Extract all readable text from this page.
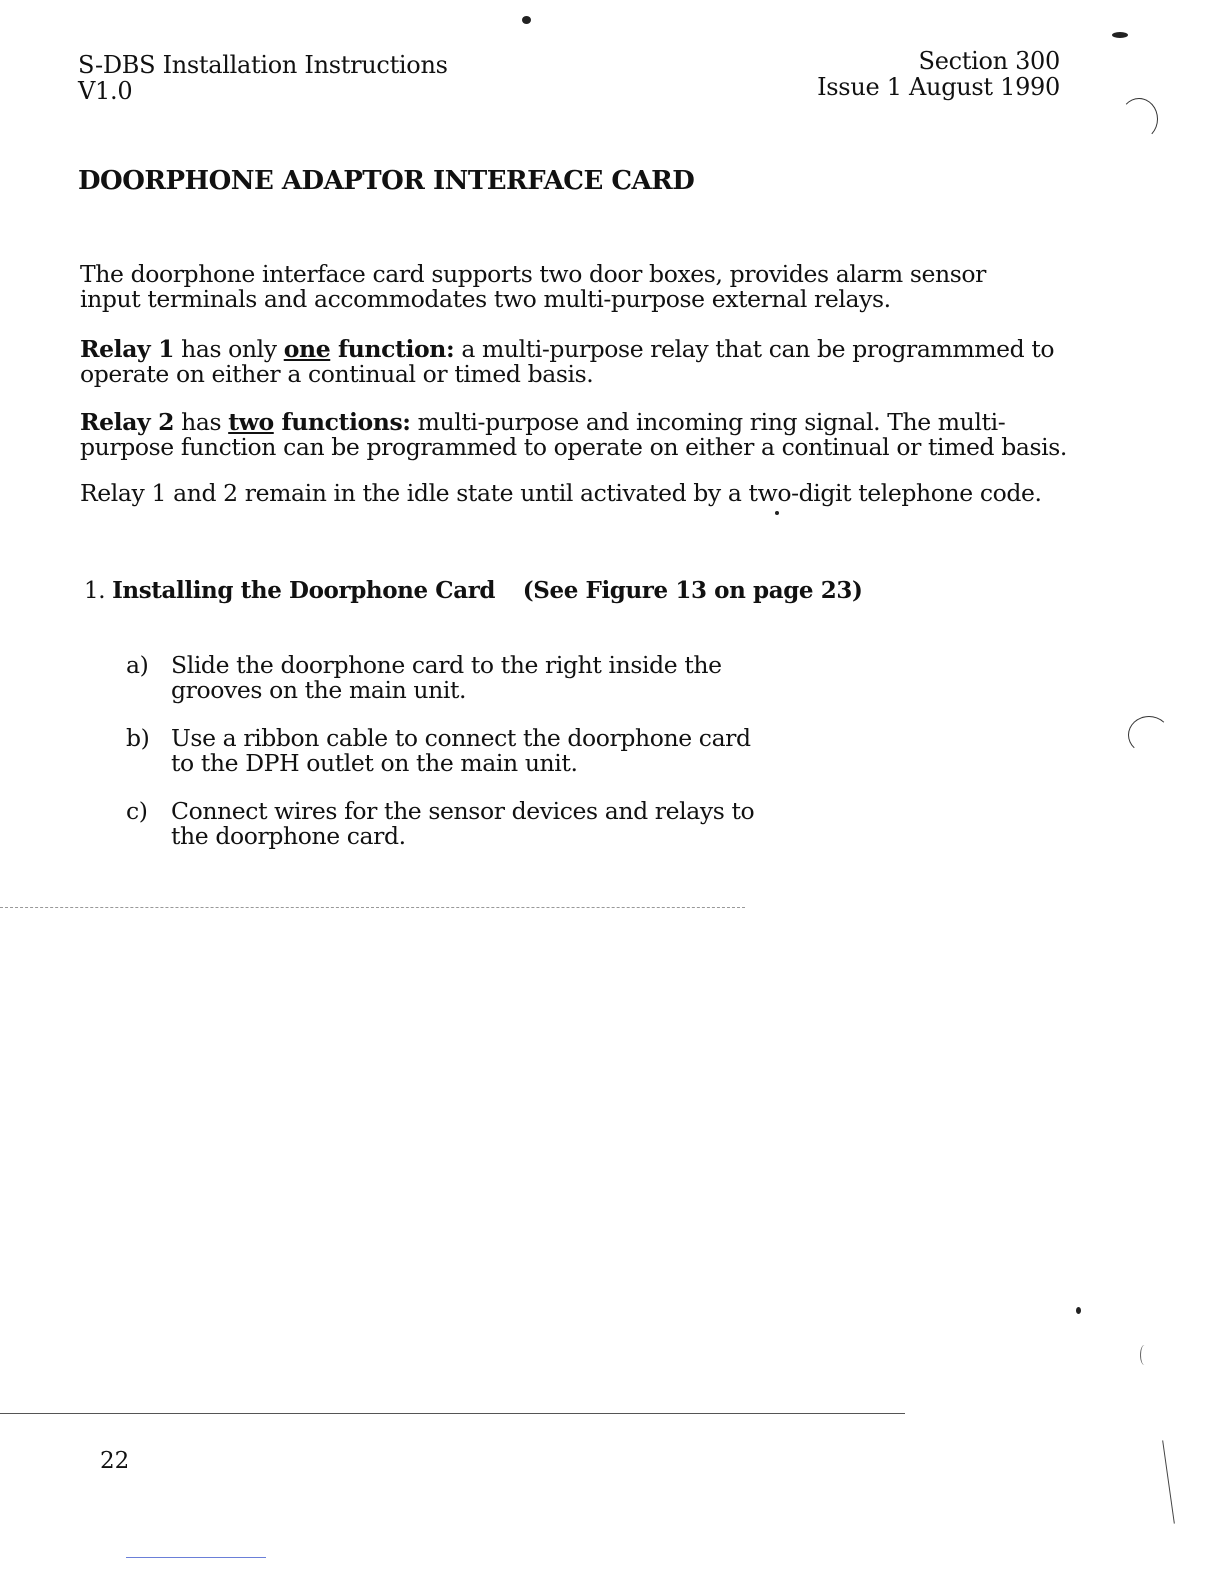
S-DBS Installation Instructions
V1.0
Section 300
Issue 1 August 1990
DOORPHONE ADAPTOR INTERFACE CARD
The doorphone interface card supports two door boxes, provides alarm sensor
input terminals and accommodates two multi-purpose external relays.
Relay 1 has only one function: a multi-purpose relay that can be programmmed to
operate on either a continual or timed basis.
Relay 2 has two functions: multi-purpose and incoming ring signal. The multi-
purpose function can be programmed to operate on either a continual or timed basis.
Relay 1 and 2 remain in the idle state until activated by a two-digit telephone code.
1. Installing the Doorphone Card (See Figure 13 on page 23)
a) Slide the doorphone card to the right inside the
grooves on the main unit.
b) Use a ribbon cable to connect the doorphone card
to the DPH outlet on the main unit.
c) Connect wires for the sensor devices and relays to
the doorphone card.
22
